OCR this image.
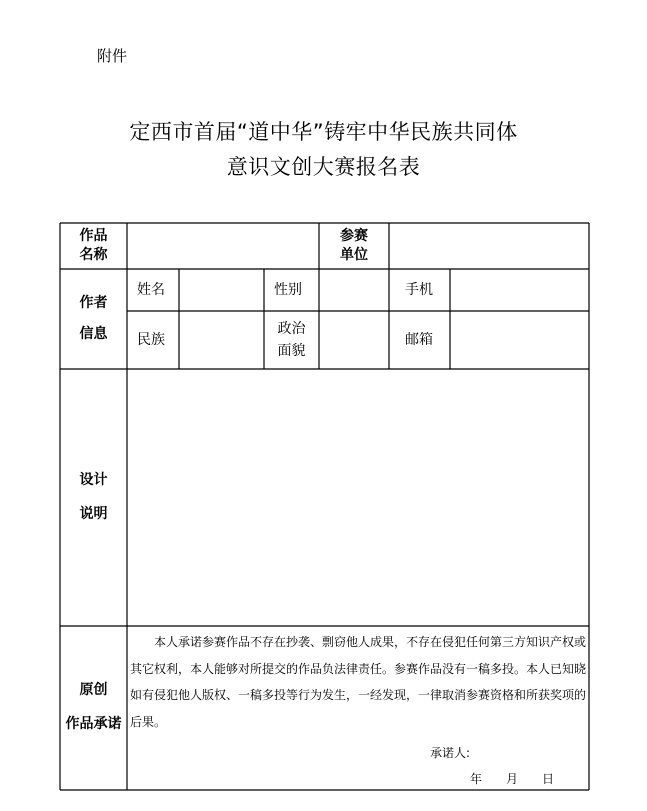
附件
定西市首届“道中华”铸牢中华民族共同体
意识文创大赛报名表
作品
名称
参赛
单位
作者
信息
姓名	性别	手机
民族
政治
面貌
邮箱
设计
说明
原创
作品承诺
本人承诺参赛作品不存在抄袭、剽窃他人成果，不存在侵犯任何第三方知识产权或其它权利，本人能够对所提交的作品负法律责任。参赛作品没有一稿多投。本人已知晓如有侵犯他人版权、一稿多投等行为发生，一经发现，一律取消参赛资格和所获奖项的后果。
承诺人:
年 月 日
